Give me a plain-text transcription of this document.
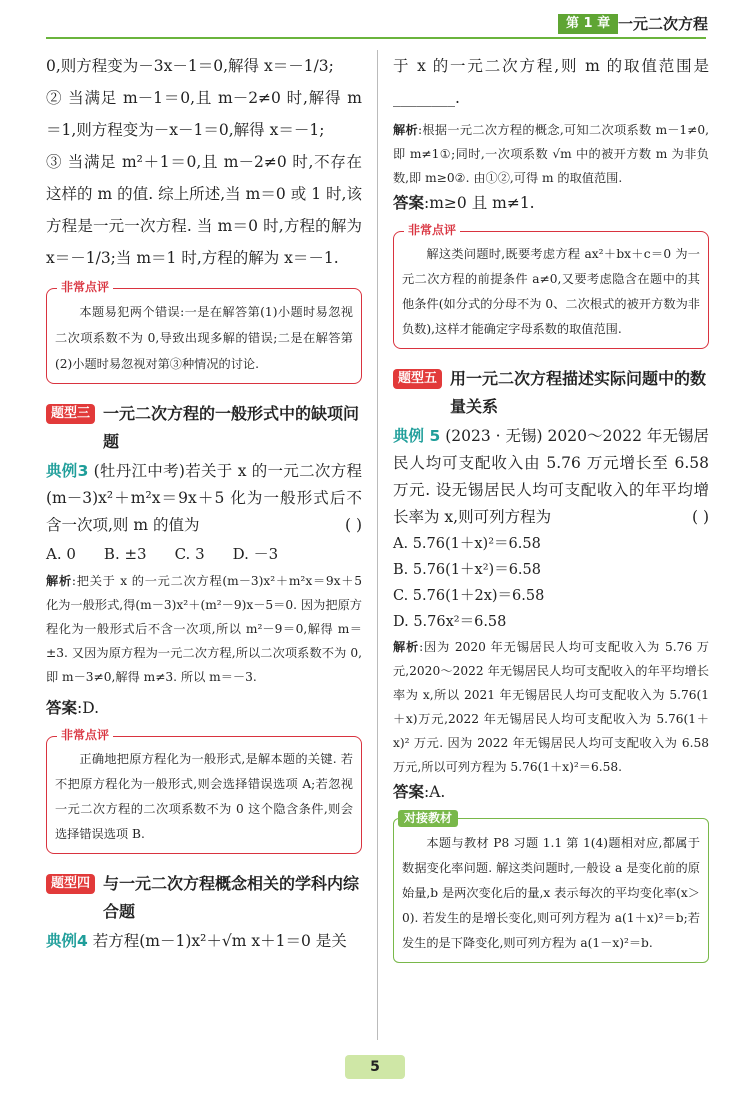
第 1 章 一元二次方程

0,则方程变为－3x－1＝0,解得 x＝－1/3;

② 当满足 m－1＝0,且 m－2≠0 时,解得 m＝1,则方程变为－x－1＝0,解得 x＝－1;

③ 当满足 m²＋1＝0,且 m－2≠0 时,不存在这样的 m 的值. 综上所述,当 m＝0 或 1 时,该方程是一元一次方程. 当 m＝0 时,方程的解为 x＝－1/3;当 m＝1 时,方程的解为 x＝－1.

非常点评

本题易犯两个错误:一是在解答第(1)小题时易忽视二次项系数不为 0,导致出现多解的错误;二是在解答第(2)小题时易忽视对第③种情况的讨论.

题型三 一元二次方程的一般形式中的缺项问题

典例3 (牡丹江中考)若关于 x 的一元二次方程(m－3)x²＋m²x＝9x＋5 化为一般形式后不含一次项,则 m 的值为	( )

A. 0 B. ±3 C. 3 D. －3

解析:把关于 x 的一元二次方程(m－3)x²＋m²x＝9x＋5 化为一般形式,得(m－3)x²＋(m²－9)x－5＝0. 因为把原方程化为一般形式后不含一次项,所以 m²－9＝0,解得 m＝±3. 又因为原方程为一元二次方程,所以二次项系数不为 0,即 m－3≠0,解得 m≠3. 所以 m＝－3.

答案:D.

非常点评

正确地把原方程化为一般形式,是解本题的关键. 若不把原方程化为一般形式,则会选择错误选项 A;若忽视一元二次方程的二次项系数不为 0 这个隐含条件,则会选择错误选项 B.

题型四 与一元二次方程概念相关的学科内综合题

典例4 若方程(m－1)x²＋√m x＋1＝0 是关

于 x 的一元二次方程,则 m 的取值范围是 ________.

解析:根据一元二次方程的概念,可知二次项系数 m－1≠0,即 m≠1①;同时,一次项系数 √m 中的被开方数 m 为非负数,即 m≥0②. 由①②,可得 m 的取值范围.

答案:m≥0 且 m≠1.

非常点评

解这类问题时,既要考虑方程 ax²＋bx＋c＝0 为一元二次方程的前提条件 a≠0,又要考虑隐含在题中的其他条件(如分式的分母不为 0、二次根式的被开方数为非负数),这样才能确定字母系数的取值范围.

题型五 用一元二次方程描述实际问题中的数量关系

典例 5 (2023 · 无锡) 2020～2022 年无锡居民人均可支配收入由 5.76 万元增长至 6.58 万元. 设无锡居民人均可支配收入的年平均增长率为 x,则可列方程为	( )

A. 5.76(1＋x)²＝6.58
B. 5.76(1＋x²)＝6.58
C. 5.76(1＋2x)＝6.58
D. 5.76x²＝6.58

解析:因为 2020 年无锡居民人均可支配收入为 5.76 万元,2020～2022 年无锡居民人均可支配收入的年平均增长率为 x,所以 2021 年无锡居民人均可支配收入为 5.76(1＋x)万元,2022 年无锡居民人均可支配收入为 5.76(1＋x)² 万元. 因为 2022 年无锡居民人均可支配收入为 6.58 万元,所以可列方程为 5.76(1＋x)²＝6.58.

答案:A.

对接教材

本题与教材 P8 习题 1.1 第 1(4)题相对应,都属于数据变化率问题. 解这类问题时,一般设 a 是变化前的原始量,b 是两次变化后的量,x 表示每次的平均变化率(x＞0). 若发生的是增长变化,则可列方程为 a(1＋x)²＝b;若发生的是下降变化,则可列方程为 a(1－x)²＝b.

5
